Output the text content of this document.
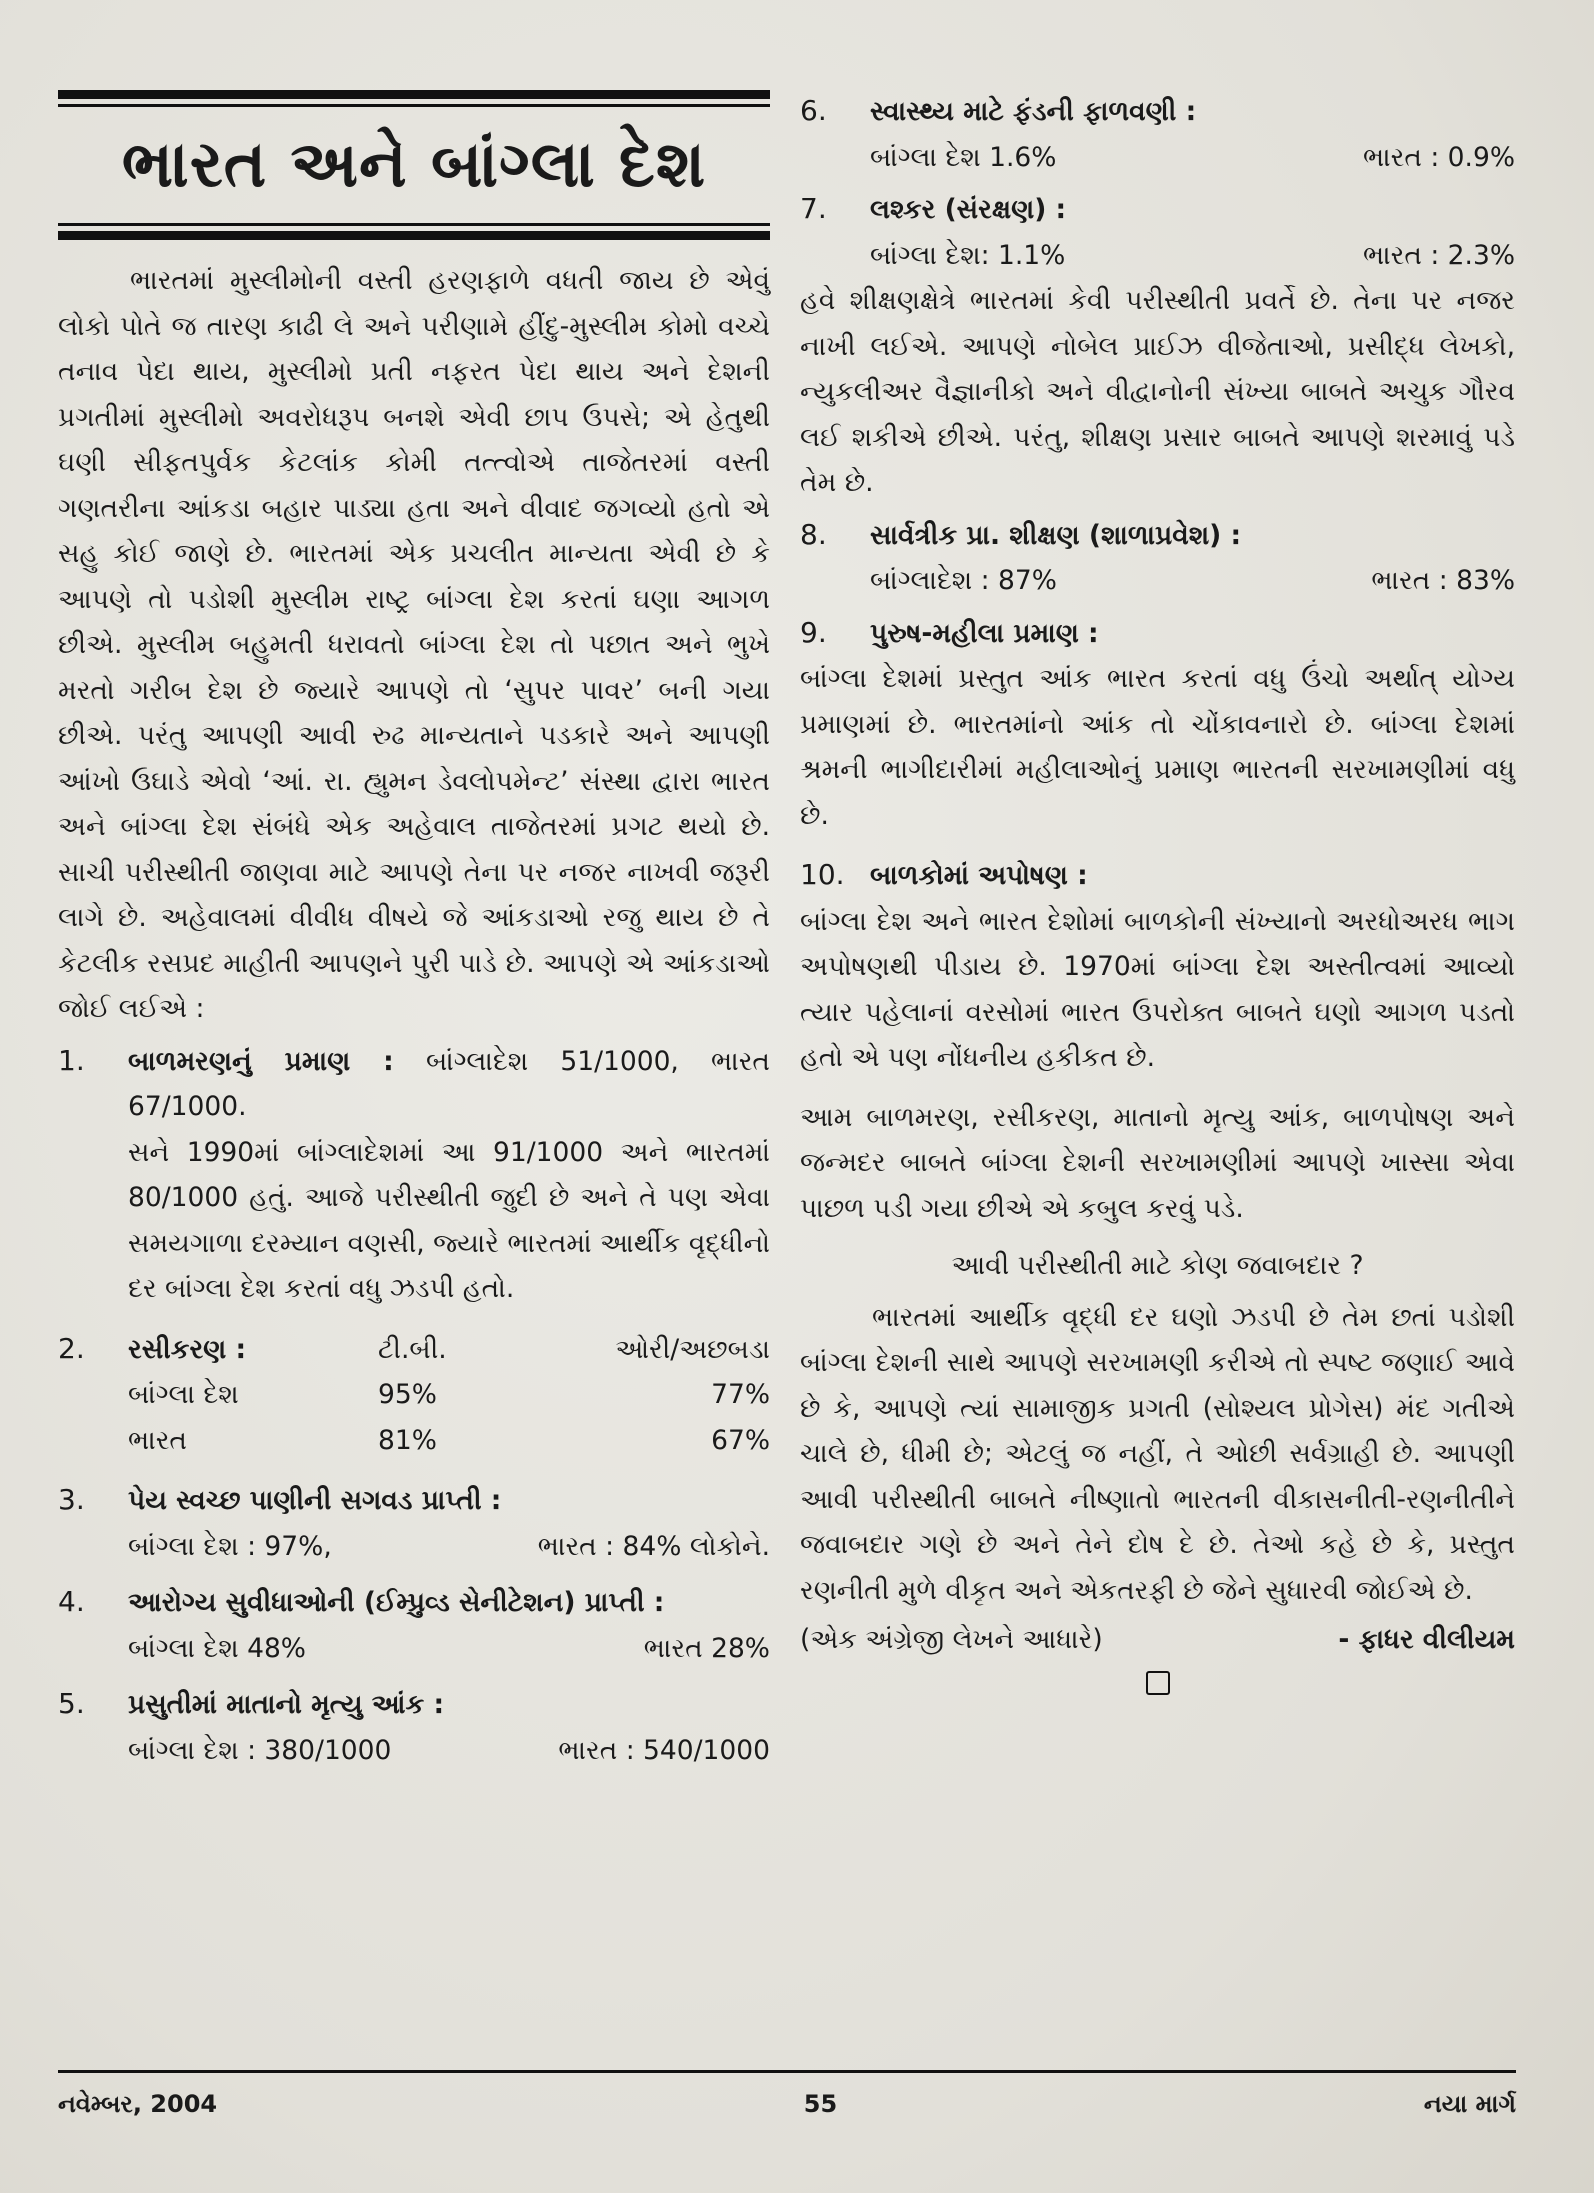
ભારત અને બાંગ્લા દેશ

ભારતમાં મુસ્લીમોની વસ્તી હરણફાળે વધતી જાય છે એવું લોકો પોતે જ તારણ કાઢી લે અને પરીણામે હીંદુ-મુસ્લીમ કોમો વચ્ચે તનાવ પેદા થાય, મુસ્લીમો પ્રતી નફરત પેદા થાય અને દેશની પ્રગતીમાં મુસ્લીમો અવરોધરૂપ બનશે એવી છાપ ઉપસે; એ હેતુથી ઘણી સીફતપુર્વક કેટલાંક કોમી તત્ત્વોએ તાજેતરમાં વસ્તી ગણતરીના આંકડા બહાર પાડ્યા હતા અને વીવાદ જગવ્યો હતો એ સહુ કોઈ જાણે છે. ભારતમાં એક પ્રચલીત માન્યતા એવી છે કે આપણે તો પડોશી મુસ્લીમ રાષ્ટ્ર બાંગ્લા દેશ કરતાં ઘણા આગળ છીએ. મુસ્લીમ બહુમતી ધરાવતો બાંગ્લા દેશ તો પછાત અને ભુખે મરતો ગરીબ દેશ છે જ્યારે આપણે તો ‘સુપર પાવર’ બની ગયા છીએ. પરંતુ આપણી આવી રુઢ માન્યતાને પડકારે અને આપણી આંખો ઉઘાડે એવો ‘આં. રા. હ્યુમન ડેવલોપમેન્ટ’ સંસ્થા દ્વારા ભારત અને બાંગ્લા દેશ સંબંધે એક અહેવાલ તાજેતરમાં પ્રગટ થયો છે. સાચી પરીસ્થીતી જાણવા માટે આપણે તેના પર નજર નાખવી જરૂરી લાગે છે. અહેવાલમાં વીવીધ વીષયે જે આંકડાઓ રજુ થાય છે તે કેટલીક રસપ્રદ માહીતી આપણને પુરી પાડે છે. આપણે એ આંકડાઓ જોઈ લઈએ :

1.	બાળમરણનું પ્રમાણ : બાંગ્લાદેશ 51/1000, ભારત 67/1000.
સને 1990માં બાંગ્લાદેશમાં આ 91/1000 અને ભારતમાં 80/1000 હતું. આજે પરીસ્થીતી જુદી છે અને તે પણ એવા સમયગાળા દરમ્યાન વણસી, જ્યારે ભારતમાં આર્થીક વૃદ્ધીનો દર બાંગ્લા દેશ કરતાં વધુ ઝડપી હતો.
2.	રસીકરણ :	ટી.બી.	ઓરી/અછબડા
બાંગ્લા દેશ	95%	77%
ભારત	81%	67%
3.	પેય સ્વચ્છ પાણીની સગવડ પ્રાપ્તી :
બાંગ્લા દેશ : 97%,	ભારત : 84% લોકોને.
4.	આરોગ્ય સુવીધાઓની (ઈમ્પ્રુવ્ડ સેનીટેશન) પ્રાપ્તી :
બાંગ્લા દેશ 48%	ભારત 28%
5.	પ્રસુતીમાં માતાનો મૃત્યુ આંક :
બાંગ્લા દેશ : 380/1000	ભારત : 540/1000
6.	સ્વાસ્થ્ય માટે ફંડની ફાળવણી :
બાંગ્લા દેશ 1.6%	ભારત : 0.9%
7.	લશ્કર (સંરક્ષણ) :
બાંગ્લા દેશ: 1.1%	ભારત : 2.3%

હવે શીક્ષણક્ષેત્રે ભારતમાં કેવી પરીસ્થીતી પ્રવર્તે છે. તેના પર નજર નાખી લઈએ. આપણે નોબેલ પ્રાઈઝ વીજેતાઓ, પ્રસીદ્ધ લેખકો, ન્યુકલીઅર વૈજ્ઞાનીકો અને વીદ્વાનોની સંખ્યા બાબતે અચુક ગૌરવ લઈ શકીએ છીએ. પરંતુ, શીક્ષણ પ્રસાર બાબતે આપણે શરમાવું પડે તેમ છે.

8.	સાર્વત્રીક પ્રા. શીક્ષણ (શાળાપ્રવેશ) :
બાંગ્લાદેશ : 87%	ભારત : 83%
9.	પુરુષ-મહીલા પ્રમાણ :
બાંગ્લા દેશમાં પ્રસ્તુત આંક ભારત કરતાં વધુ ઉંચો અર્થાત્ યોગ્ય પ્રમાણમાં છે. ભારતમાંનો આંક તો ચોંકાવનારો છે. બાંગ્લા દેશમાં શ્રમની ભાગીદારીમાં મહીલાઓનું પ્રમાણ ભારતની સરખામણીમાં વધુ છે.
10. બાળકોમાં અપોષણ :
બાંગ્લા દેશ અને ભારત દેશોમાં બાળકોની સંખ્યાનો અરધોઅરધ ભાગ અપોષણથી પીડાય છે. 1970માં બાંગ્લા દેશ અસ્તીત્વમાં આવ્યો ત્યાર પહેલાનાં વરસોમાં ભારત ઉપરોક્ત બાબતે ઘણો આગળ પડતો હતો એ પણ નોંધનીય હકીકત છે.

આમ બાળમરણ, રસીકરણ, માતાનો મૃત્યુ આંક, બાળપોષણ અને જન્મદર બાબતે બાંગ્લા દેશની સરખામણીમાં આપણે ખાસ્સા એવા પાછળ પડી ગયા છીએ એ કબુલ કરવું પડે.

આવી પરીસ્થીતી માટે કોણ જવાબદાર ?

ભારતમાં આર્થીક વૃદ્ધી દર ઘણો ઝડપી છે તેમ છતાં પડોશી બાંગ્લા દેશની સાથે આપણે સરખામણી કરીએ તો સ્પષ્ટ જણાઈ આવે છે કે, આપણે ત્યાં સામાજીક પ્રગતી (સોશ્યલ પ્રોગેસ) મંદ ગતીએ ચાલે છે, ધીમી છે; એટલું જ નહીં, તે ઓછી સર્વગ્રાહી છે. આપણી આવી પરીસ્થીતી બાબતે નીષ્ણાતો ભારતની વીકાસનીતી-રણનીતીને જવાબદાર ગણે છે અને તેને દોષ દે છે. તેઓ કહે છે કે, પ્રસ્તુત રણનીતી મુળે વીકૃત અને એકતરફી છે જેને સુધારવી જોઈએ છે.

(એક અંગ્રેજી લેખને આધારે)	- ફાધર વીલીયમ
નવેમ્બર, 2004	55	નયા માર્ગ
